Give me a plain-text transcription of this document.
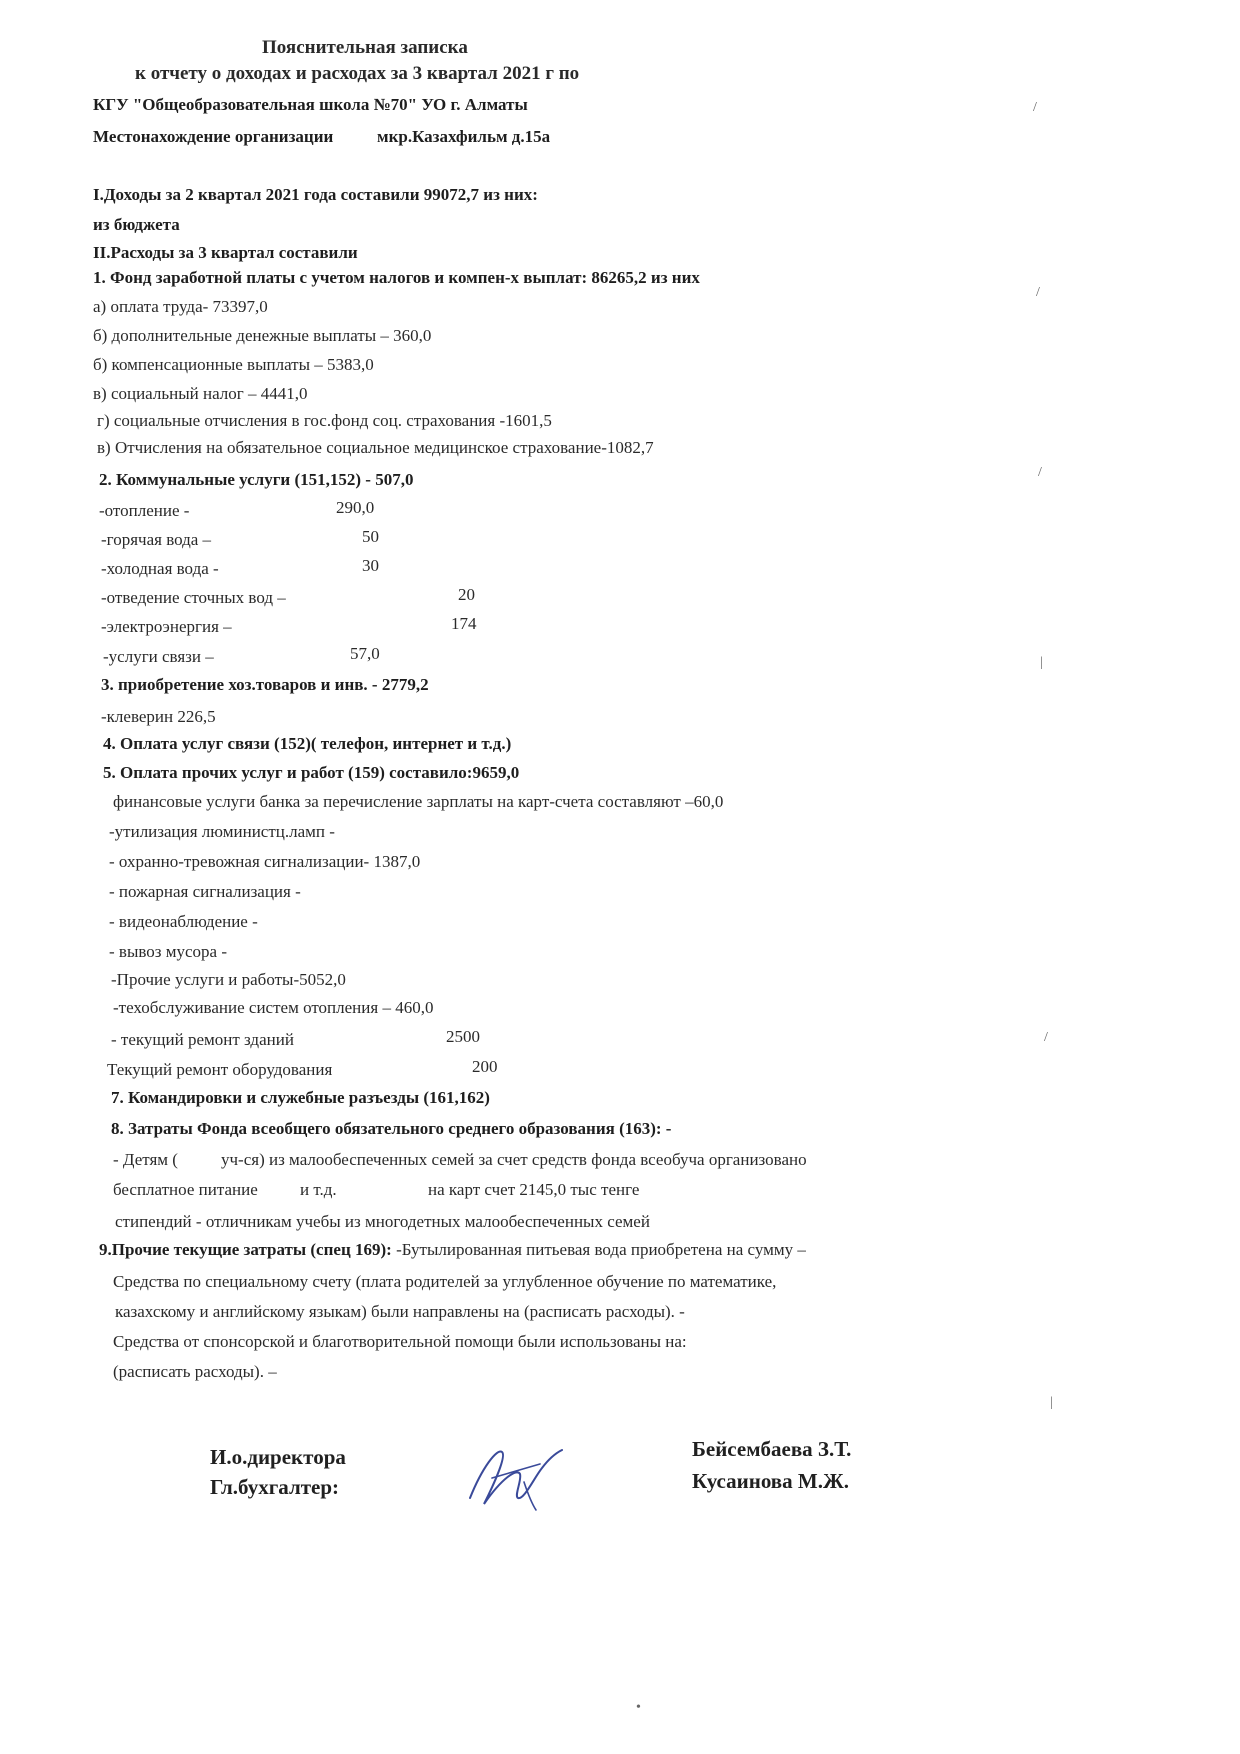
Пояснительная записка
к отчету о доходах и расходах за 3 квартал 2021 г по
КГУ "Общеобразовательная школа №70" УО г. Алматы
Местонахождение организации	мкр.Казахфильм д.15а
I.Доходы за 2 квартал 2021 года составили 99072,7 из них:
из бюджета
II.Расходы за 3 квартал составили
1. Фонд заработной платы с учетом налогов и компен-х выплат: 86265,2 из них
а) оплата труда- 73397,0
б) дополнительные денежные выплаты – 360,0
б) компенсационные выплаты – 5383,0
в) социальный налог – 4441,0
г) социальные отчисления в гос.фонд соц. страхования -1601,5
в) Отчисления на обязательное социальное медицинское страхование-1082,7
2. Коммунальные услуги (151,152) - 507,0
-отопление -	290,0
-горячая вода –	50
-холодная вода -	30
-отведение сточных вод –	20
-электроэнергия –	174
-услуги связи –	57,0
3. приобретение хоз.товаров и инв. - 2779,2
-клеверин 226,5
4. Оплата услуг связи (152)( телефон, интернет и т.д.)
5. Оплата прочих услуг и работ (159) составило:9659,0
финансовые услуги банка за перечисление зарплаты на карт-счета составляют –60,0
-утилизация люминистц.ламп -
- охранно-тревожная сигнализации- 1387,0
- пожарная сигнализация -
- видеонаблюдение -
- вывоз мусора -
-Прочие услуги и работы-5052,0
-техобслуживание систем отопления – 460,0
- текущий ремонт зданий	2500
Текущий ремонт оборудования	200
7. Командировки и служебные разъезды (161,162)
8. Затраты Фонда всеобщего обязательного среднего образования (163): -
- Детям (	уч-ся) из малообеспеченных семей за счет средств фонда всеобуча организовано
бесплатное питание и т.д.	на карт счет 2145,0 тыс тенге
стипендий - отличникам учебы из многодетных малообеспеченных семей
9.Прочие текущие затраты (спец 169): -Бутылированная питьевая вода приобретена на сумму –
Средства по специальному счету (плата родителей за углубленное обучение по математике,
казахскому и английскому языкам) были направлены на (расписать расходы). -
Средства от спонсорской и благотворительной помощи были использованы на:
(расписать расходы). –
И.о.директора
Гл.бухгалтер:
Бейсембаева З.Т.
Кусаинова М.Ж.
/
/
/
|
/
|
•
